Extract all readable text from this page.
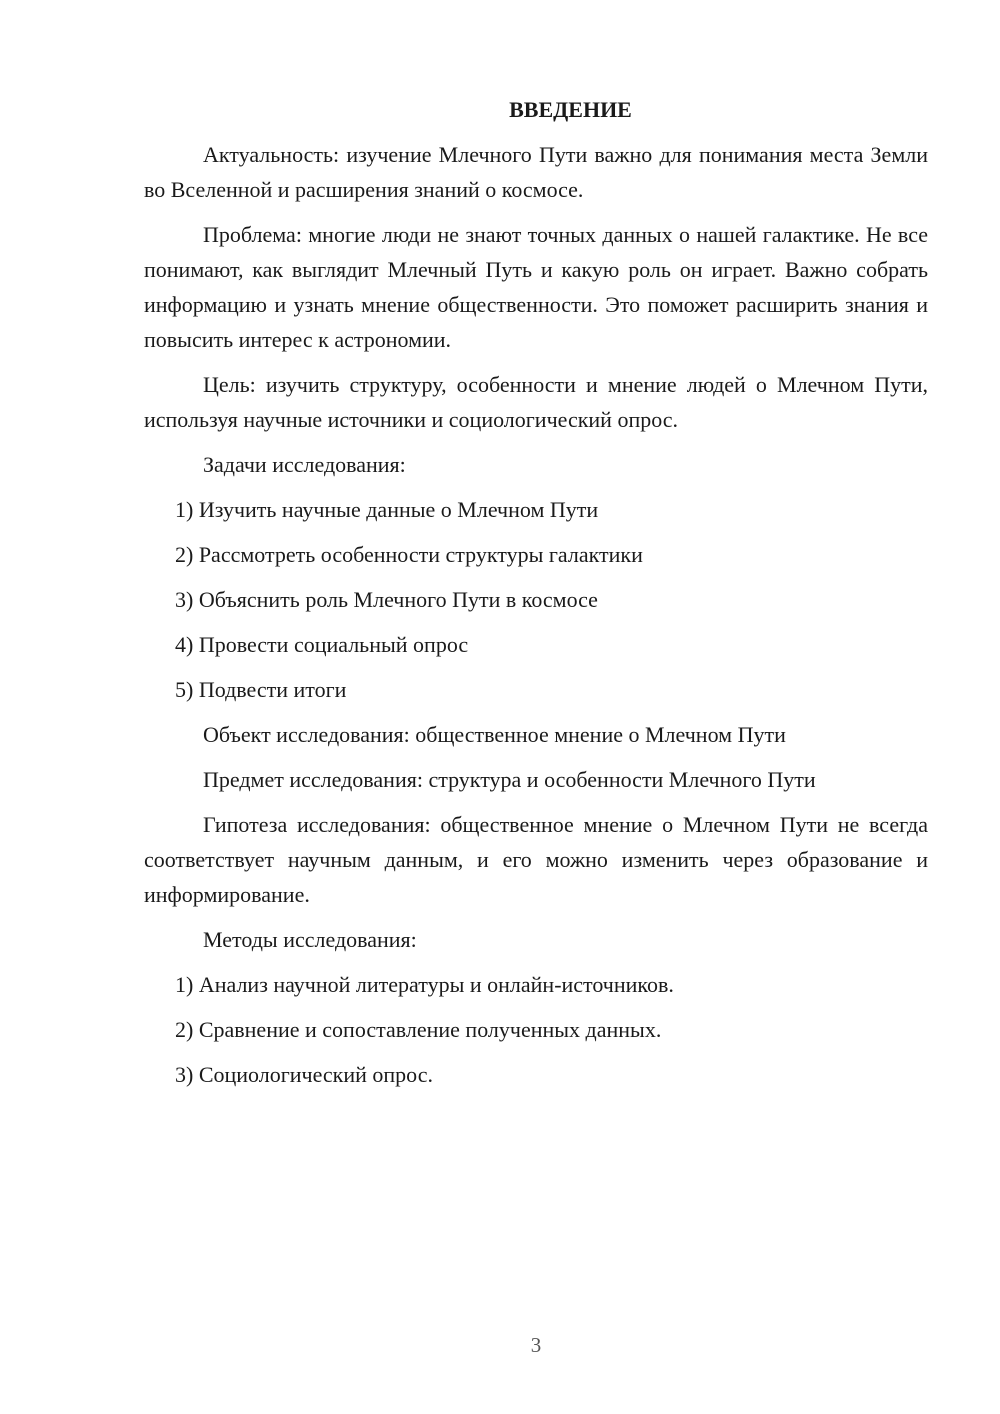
ВВЕДЕНИЕ

Актуальность: изучение Млечного Пути важно для понимания места Земли во Вселенной и расширения знаний о космосе.

Проблема: многие люди не знают точных данных о нашей галактике. Не все понимают, как выглядит Млечный Путь и какую роль он играет. Важно собрать информацию и узнать мнение общественности. Это поможет расширить знания и повысить интерес к астрономии.

Цель: изучить структуру, особенности и мнение людей о Млечном Пути, используя научные источники и социологический опрос.

Задачи исследования:

1) Изучить научные данные о Млечном Пути

2) Рассмотреть особенности структуры галактики

3) Объяснить роль Млечного Пути в космосе

4) Провести социальный опрос

5) Подвести итоги

Объект исследования: общественное мнение о Млечном Пути

Предмет исследования: структура и особенности Млечного Пути

Гипотеза исследования: общественное мнение о Млечном Пути не всегда соответствует научным данным, и его можно изменить через образование и информирование.

Методы исследования:

1) Анализ научной литературы и онлайн-источников.

2) Сравнение и сопоставление полученных данных.

3) Социологический опрос.

3
